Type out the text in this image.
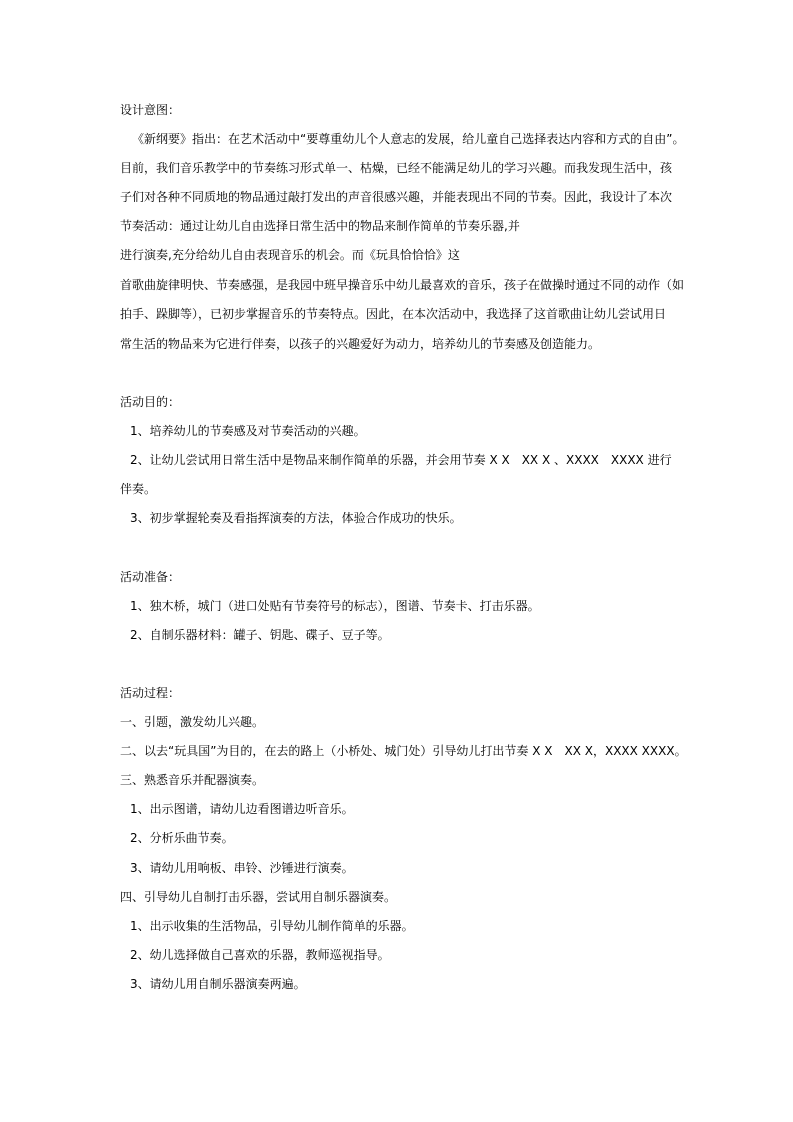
设计意图：
《新纲要》指出：在艺术活动中“要尊重幼儿个人意志的发展，给儿童自己选择表达内容和方式的自由”。
目前，我们音乐教学中的节奏练习形式单一、枯燥，已经不能满足幼儿的学习兴趣。而我发现生活中，孩
子们对各种不同质地的物品通过敲打发出的声音很感兴趣，并能表现出不同的节奏。因此，我设计了本次
节奏活动：通过让幼儿自由选择日常生活中的物品来制作简单的节奏乐器,并
进行演奏,充分给幼儿自由表现音乐的机会。而《玩具恰恰恰》这
首歌曲旋律明快、节奏感强，是我园中班早操音乐中幼儿最喜欢的音乐，孩子在做操时通过不同的动作（如
拍手、跺脚等），已初步掌握音乐的节奏特点。因此，在本次活动中，我选择了这首歌曲让幼儿尝试用日
常生活的物品来为它进行伴奏，以孩子的兴趣爱好为动力，培养幼儿的节奏感及创造能力。
活动目的：
1、培养幼儿的节奏感及对节奏活动的兴趣。
2、让幼儿尝试用日常生活中是物品来制作简单的乐器，并会用节奏 X X　XX X 、XXXX　XXXX 进行
伴奏。
3、初步掌握轮奏及看指挥演奏的方法，体验合作成功的快乐。
活动准备：
1、独木桥，城门（进口处贴有节奏符号的标志），图谱、节奏卡、打击乐器。
2、自制乐器材料：罐子、钥匙、碟子、豆子等。
活动过程：
一、引题，激发幼儿兴趣。
二、以去“玩具国”为目的，在去的路上（小桥处、城门处）引导幼儿打出节奏 X X　XX X，XXXX XXXX。
三、熟悉音乐并配器演奏。
1、出示图谱，请幼儿边看图谱边听音乐。
2、分析乐曲节奏。
3、请幼儿用响板、串铃、沙锤进行演奏。
四、引导幼儿自制打击乐器，尝试用自制乐器演奏。
1、出示收集的生活物品，引导幼儿制作简单的乐器。
2、幼儿选择做自己喜欢的乐器，教师巡视指导。
3、请幼儿用自制乐器演奏两遍。
